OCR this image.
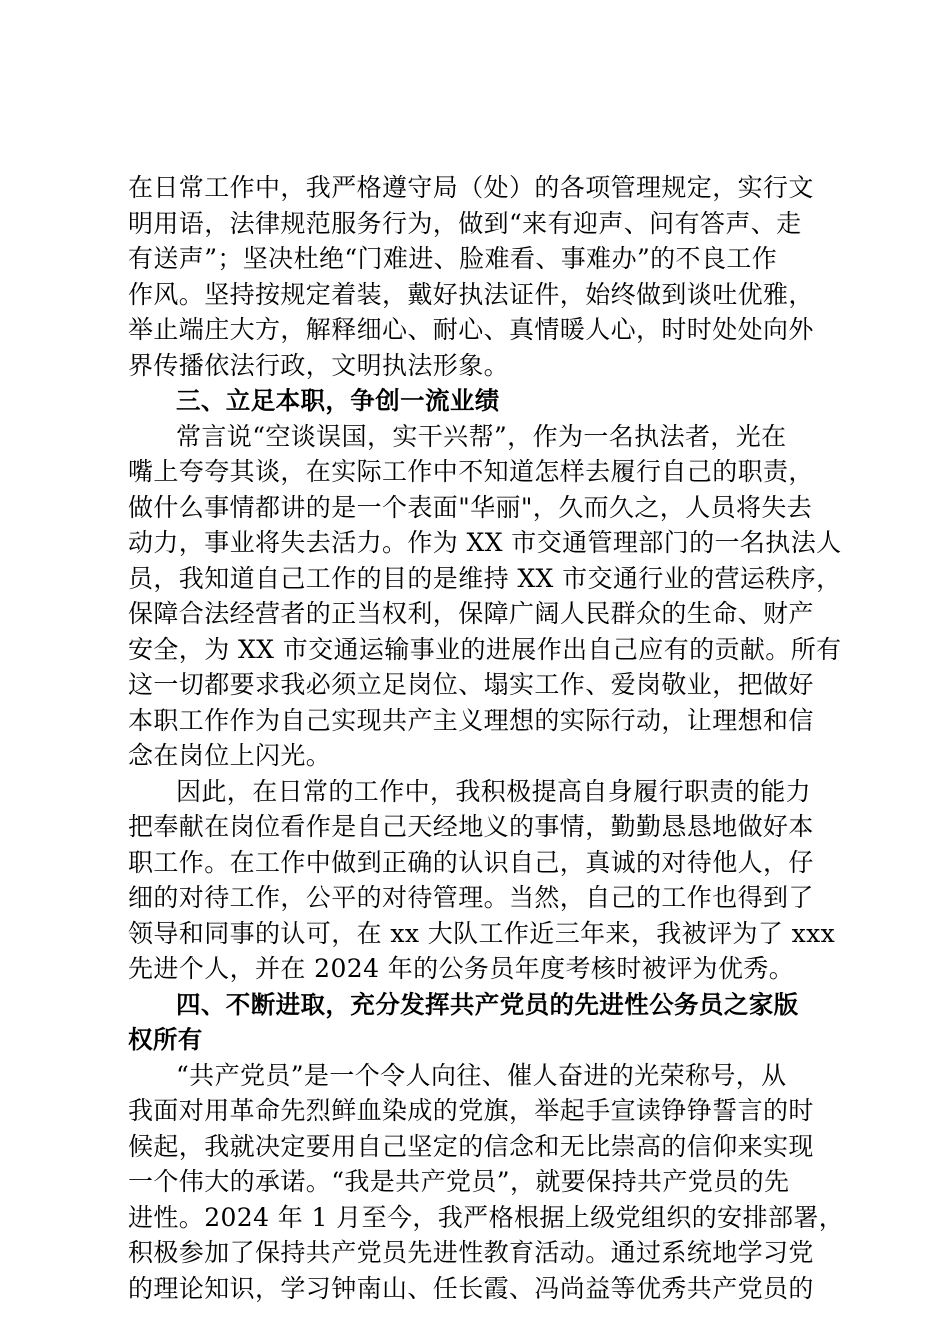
在日常工作中，我严格遵守局（处）的各项管理规定，实行文
明用语，法律规范服务行为，做到“来有迎声、问有答声、走
有送声”；坚决杜绝“门难进、脸难看、事难办”的不良工作
作风。坚持按规定着装，戴好执法证件，始终做到谈吐优雅，
举止端庄大方，解释细心、耐心、真情暖人心，时时处处向外
界传播依法行政，文明执法形象。
三、立足本职，争创一流业绩
常言说“空谈误国，实干兴帮”，作为一名执法者，光在
嘴上夸夸其谈，在实际工作中不知道怎样去履行自己的职责，
做什么事情都讲的是一个表面"华丽"，久而久之，人员将失去
动力，事业将失去活力。作为 XX 市交通管理部门的一名执法人
员，我知道自己工作的目的是维持 XX 市交通行业的营运秩序，
保障合法经营者的正当权利，保障广阔人民群众的生命、财产
安全，为 XX 市交通运输事业的进展作出自己应有的贡献。所有
这一切都要求我必须立足岗位、塌实工作、爱岗敬业，把做好
本职工作作为自己实现共产主义理想的实际行动，让理想和信
念在岗位上闪光。
因此，在日常的工作中，我积极提高自身履行职责的能力
把奉献在岗位看作是自己天经地义的事情，勤勤恳恳地做好本
职工作。在工作中做到正确的认识自己，真诚的对待他人，仔
细的对待工作，公平的对待管理。当然，自己的工作也得到了
领导和同事的认可，在 xx 大队工作近三年来，我被评为了 xxx
先进个人，并在 2024 年的公务员年度考核时被评为优秀。
四、不断进取，充分发挥共产党员的先进性公务员之家版
权所有
“共产党员”是一个令人向往、催人奋进的光荣称号，从
我面对用革命先烈鲜血染成的党旗，举起手宣读铮铮誓言的时
候起，我就决定要用自己坚定的信念和无比崇高的信仰来实现
一个伟大的承诺。“我是共产党员”，就要保持共产党员的先
进性。2024 年 1 月至今，我严格根据上级党组织的安排部署，
积极参加了保持共产党员先进性教育活动。通过系统地学习党
的理论知识，学习钟南山、任长霞、冯尚益等优秀共产党员的
